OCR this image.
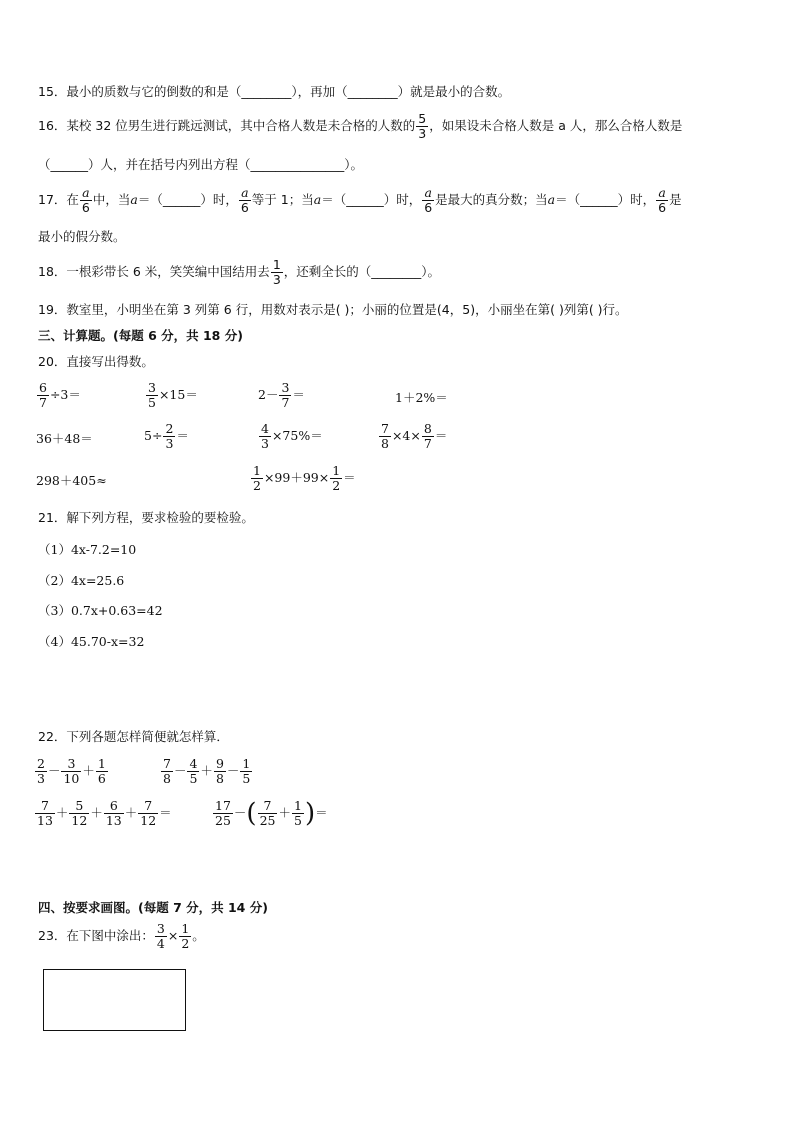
15．最小的质数与它的倒数的和是（________），再加（________）就是最小的合数。
16．某校 32 位男生进行跳远测试，其中合格人数是未合格的人数的 $\frac{5}{3}$ ，如果设未合格人数是 a 人，那么合格人数是
（______）人，并在括号内列出方程（_______________）。
17．在 $\frac{a}{6}$ 中，当a＝（______）时， $\frac{a}{6}$ 等于 1；当a＝（______）时， $\frac{a}{6}$ 是最大的真分数；当a＝（______）时， $\frac{a}{6}$ 是
最小的假分数。
18．一根彩带长 6 米，笑笑编中国结用去 $\frac{1}{3}$ ，还剩全长的（________）。
19．教室里，小明坐在第 3 列第 6 行，用数对表示是( )；小丽的位置是(4，5)，小丽坐在第( )列第( )行。
三、计算题。(每题 6 分，共 18 分)
20．直接写出得数。
$\frac{6}{7} \div 3=$	$\frac{3}{5} \times 15=$	$2- \frac{3}{7}$ ＝	1＋2%＝
36＋48＝	$5\div \frac{2}{3}$ ＝	$\frac{4}{3} \times 75\%=$	$\frac{7}{8} \times 4\times \frac{8}{7}$ ＝
298＋405≈	$\frac{1}{2} \times 99+99\times \frac{1}{2}$ ＝
21．解下列方程，要求检验的要检验。
（1）4x-7.2=10
（2）4x=25.6
（3）0.7x+0.63=42
（4）45.70-x=32
22．下列各题怎样简便就怎样算．
$\frac{2}{3} - \frac{3}{10} + \frac{1}{6}$	$\frac{7}{8} - \frac{4}{5} + \frac{9}{8} - \frac{1}{5}$
$\frac{7}{13} + \frac{5}{12} + \frac{6}{13} + \frac{7}{12}$ ＝	$\frac{17}{25}$ －( $\frac{7}{25} + \frac{1}{5}$ )＝
四、按要求画图。(每题 7 分，共 14 分)
23．在下图中涂出： $\frac{3}{4} \times \frac{1}{2}$ 。
